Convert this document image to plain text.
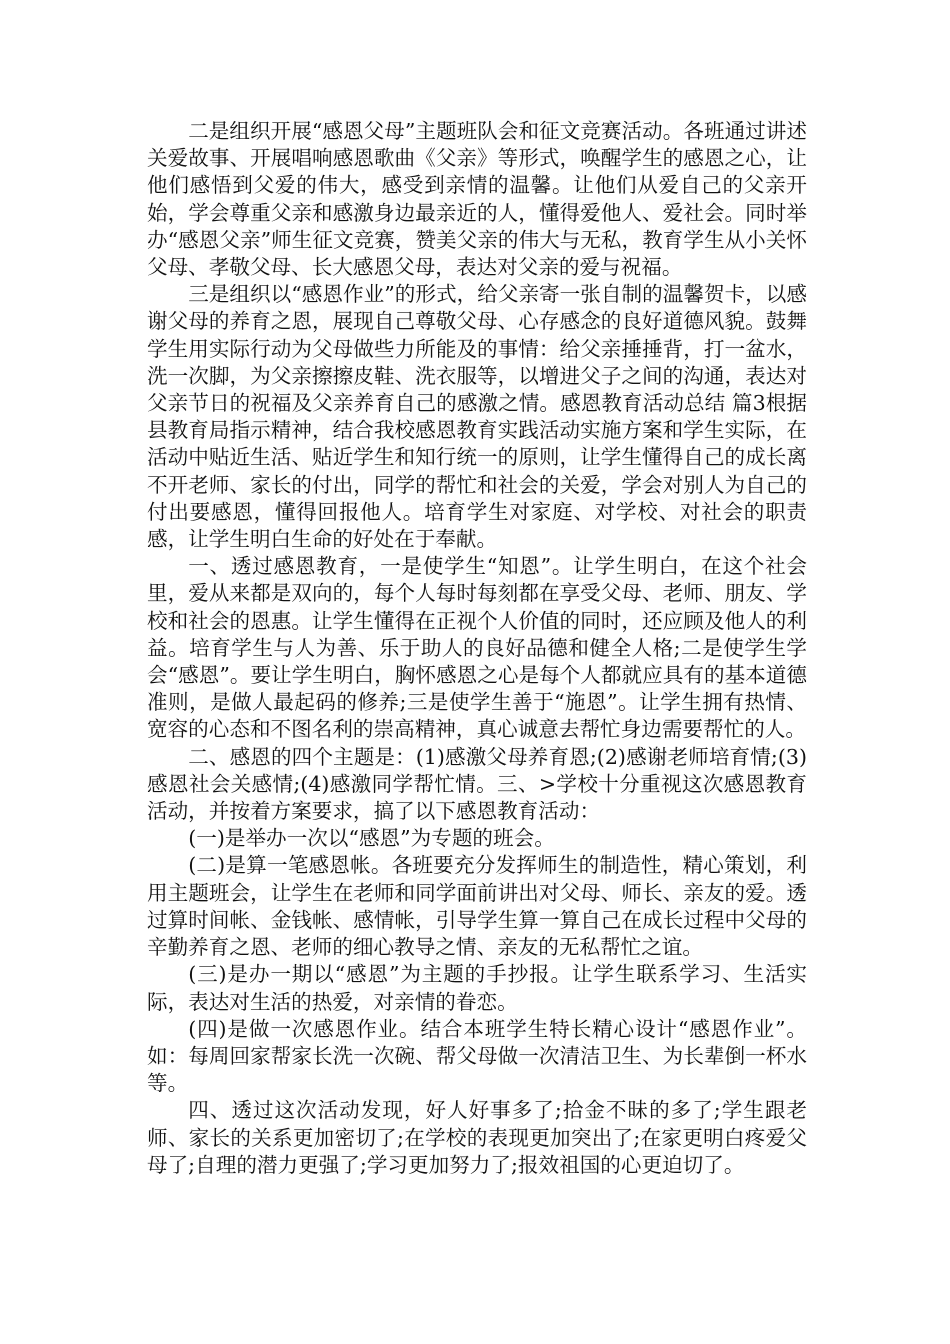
二是组织开展“感恩父母”主题班队会和征文竞赛活动。各班通过讲述关爱故事、开展唱响感恩歌曲《父亲》等形式，唤醒学生的感恩之心，让他们感悟到父爱的伟大，感受到亲情的温馨。让他们从爱自己的父亲开始，学会尊重父亲和感激身边最亲近的人，懂得爱他人、爱社会。同时举办“感恩父亲”师生征文竞赛，赞美父亲的伟大与无私，教育学生从小关怀父母、孝敬父母、长大感恩父母，表达对父亲的爱与祝福。

三是组织以“感恩作业”的形式，给父亲寄一张自制的温馨贺卡，以感谢父母的养育之恩，展现自己尊敬父母、心存感念的良好道德风貌。鼓舞学生用实际行动为父母做些力所能及的事情：给父亲捶捶背，打一盆水，洗一次脚，为父亲擦擦皮鞋、洗衣服等，以增进父子之间的沟通，表达对父亲节日的祝福及父亲养育自己的感激之情。感恩教育活动总结 篇3根据县教育局指示精神，结合我校感恩教育实践活动实施方案和学生实际，在活动中贴近生活、贴近学生和知行统一的原则，让学生懂得自己的成长离不开老师、家长的付出，同学的帮忙和社会的关爱，学会对别人为自己的付出要感恩，懂得回报他人。培育学生对家庭、对学校、对社会的职责感，让学生明白生命的好处在于奉献。

一、透过感恩教育，一是使学生“知恩”。让学生明白，在这个社会里，爱从来都是双向的，每个人每时每刻都在享受父母、老师、朋友、学校和社会的恩惠。让学生懂得在正视个人价值的同时，还应顾及他人的利益。培育学生与人为善、乐于助人的良好品德和健全人格;二是使学生学会“感恩”。要让学生明白，胸怀感恩之心是每个人都就应具有的基本道德准则，是做人最起码的修养;三是使学生善于“施恩”。让学生拥有热情、宽容的心态和不图名利的崇高精神，真心诚意去帮忙身边需要帮忙的人。

二、感恩的四个主题是：(1)感激父母养育恩;(2)感谢老师培育情;(3)感恩社会关感情;(4)感激同学帮忙情。三、>学校十分重视这次感恩教育活动，并按着方案要求，搞了以下感恩教育活动：

(一)是举办一次以“感恩”为专题的班会。

(二)是算一笔感恩帐。各班要充分发挥师生的制造性，精心策划，利用主题班会，让学生在老师和同学面前讲出对父母、师长、亲友的爱。透过算时间帐、金钱帐、感情帐，引导学生算一算自己在成长过程中父母的辛勤养育之恩、老师的细心教导之情、亲友的无私帮忙之谊。

(三)是办一期以“感恩”为主题的手抄报。让学生联系学习、生活实际，表达对生活的热爱，对亲情的眷恋。

(四)是做一次感恩作业。结合本班学生特长精心设计“感恩作业”。如：每周回家帮家长洗一次碗、帮父母做一次清洁卫生、为长辈倒一杯水等。

四、透过这次活动发现，好人好事多了;拾金不昧的多了;学生跟老师、家长的关系更加密切了;在学校的表现更加突出了;在家更明白疼爱父母了;自理的潜力更强了;学习更加努力了;报效祖国的心更迫切了。
